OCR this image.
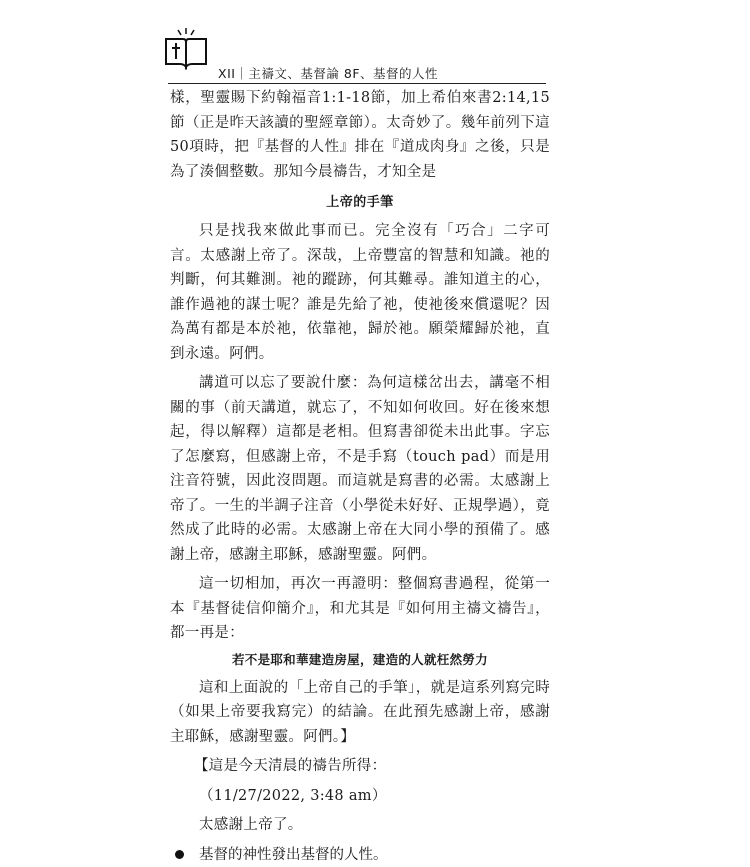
XII｜主禱文、基督論 8F、基督的人性

樣，聖靈賜下約翰福音1:1-18節，加上希伯來書2:14,15節（正是昨天該讀的聖經章節）。太奇妙了。幾年前列下這50項時，把『基督的人性』排在『道成肉身』之後，只是為了湊個整數。那知今晨禱告，才知全是

上帝的手筆

只是找我來做此事而已。完全沒有「巧合」二字可言。太感謝上帝了。深哉，上帝豐富的智慧和知識。祂的判斷，何其難測。祂的蹤跡，何其難尋。誰知道主的心，誰作過祂的謀士呢？誰是先給了祂，使祂後來償還呢？因為萬有都是本於祂，依靠祂，歸於祂。願榮耀歸於祂，直到永遠。阿們。

講道可以忘了要說什麼：為何這樣岔出去，講毫不相關的事（前天講道，就忘了，不知如何收回。好在後來想起，得以解釋）這都是老相。但寫書卻從未出此事。字忘了怎麼寫，但感謝上帝，不是手寫（touch pad）而是用注音符號，因此沒問題。而這就是寫書的必需。太感謝上帝了。一生的半調子注音（小學從未好好、正規學過），竟然成了此時的必需。太感謝上帝在大同小學的預備了。感謝上帝，感謝主耶穌，感謝聖靈。阿們。

這一切相加，再次一再證明：整個寫書過程，從第一本『基督徒信仰簡介』，和尤其是『如何用主禱文禱告』，都一再是：

若不是耶和華建造房屋，建造的人就枉然勞力

這和上面說的「上帝自己的手筆」，就是這系列寫完時（如果上帝要我寫完）的結論。在此預先感謝上帝，感謝主耶穌，感謝聖靈。阿們。】

【這是今天清晨的禱告所得：

（11/27/2022, 3:48 am）

太感謝上帝了。

基督的神性發出基督的人性。
